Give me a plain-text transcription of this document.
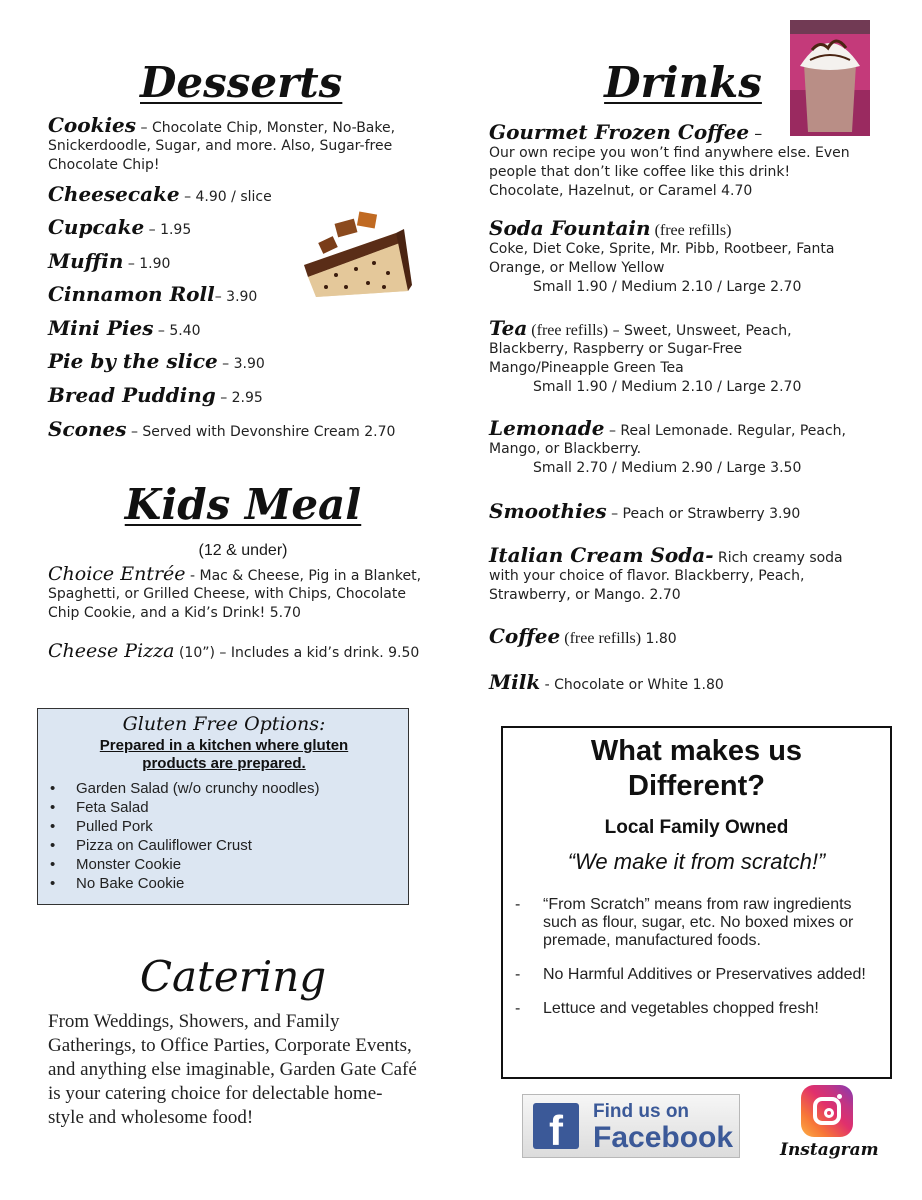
Desserts
Cookies – Chocolate Chip, Monster, No-Bake,
Snickerdoodle, Sugar, and more. Also, Sugar-free
Chocolate Chip!
Cheesecake – 4.90 / slice
Cupcake – 1.95
Muffin – 1.90
Cinnamon Roll– 3.90
Mini Pies – 5.40
Pie by the slice – 3.90
Bread Pudding – 2.95
Scones – Served with Devonshire Cream 2.70
Kids Meal
(12 & under)
Choice Entrée - Mac & Cheese, Pig in a Blanket,
Spaghetti, or Grilled Cheese, with Chips, Chocolate
Chip Cookie, and a Kid’s Drink! 5.70
Cheese Pizza (10”) – Includes a kid’s drink. 9.50
Gluten Free Options:
Prepared in a kitchen where gluten products are prepared.
• Garden Salad (w/o crunchy noodles)
• Feta Salad
• Pulled Pork
• Pizza on Cauliflower Crust
• Monster Cookie
• No Bake Cookie
Catering
From Weddings, Showers, and Family Gatherings, to Office Parties, Corporate Events, and anything else imaginable, Garden Gate Café is your catering choice for delectable home-style and wholesome food!
Drinks
Gourmet Frozen Coffee –
Our own recipe you won’t find anywhere else. Even
people that don’t like coffee like this drink!
Chocolate, Hazelnut, or Caramel 4.70
Soda Fountain (free refills)
Coke, Diet Coke, Sprite, Mr. Pibb, Rootbeer, Fanta
Orange, or Mellow Yellow
Small 1.90 / Medium 2.10 / Large 2.70
Tea (free refills) – Sweet, Unsweet, Peach,
Blackberry, Raspberry or Sugar-Free
Mango/Pineapple Green Tea
Small 1.90 / Medium 2.10 / Large 2.70
Lemonade – Real Lemonade. Regular, Peach,
Mango, or Blackberry.
Small 2.70 / Medium 2.90 / Large 3.50
Smoothies – Peach or Strawberry 3.90
Italian Cream Soda- Rich creamy soda
with your choice of flavor. Blackberry, Peach,
Strawberry, or Mango. 2.70
Coffee (free refills) 1.80
Milk - Chocolate or White 1.80
What makes us
Different?
Local Family Owned
“We make it from scratch!”
- “From Scratch” means from raw ingredients such as flour, sugar, etc. No boxed mixes or premade, manufactured foods.
- No Harmful Additives or Preservatives added!
- Lettuce and vegetables chopped fresh!
f	Find us on
Facebook	Instagram
